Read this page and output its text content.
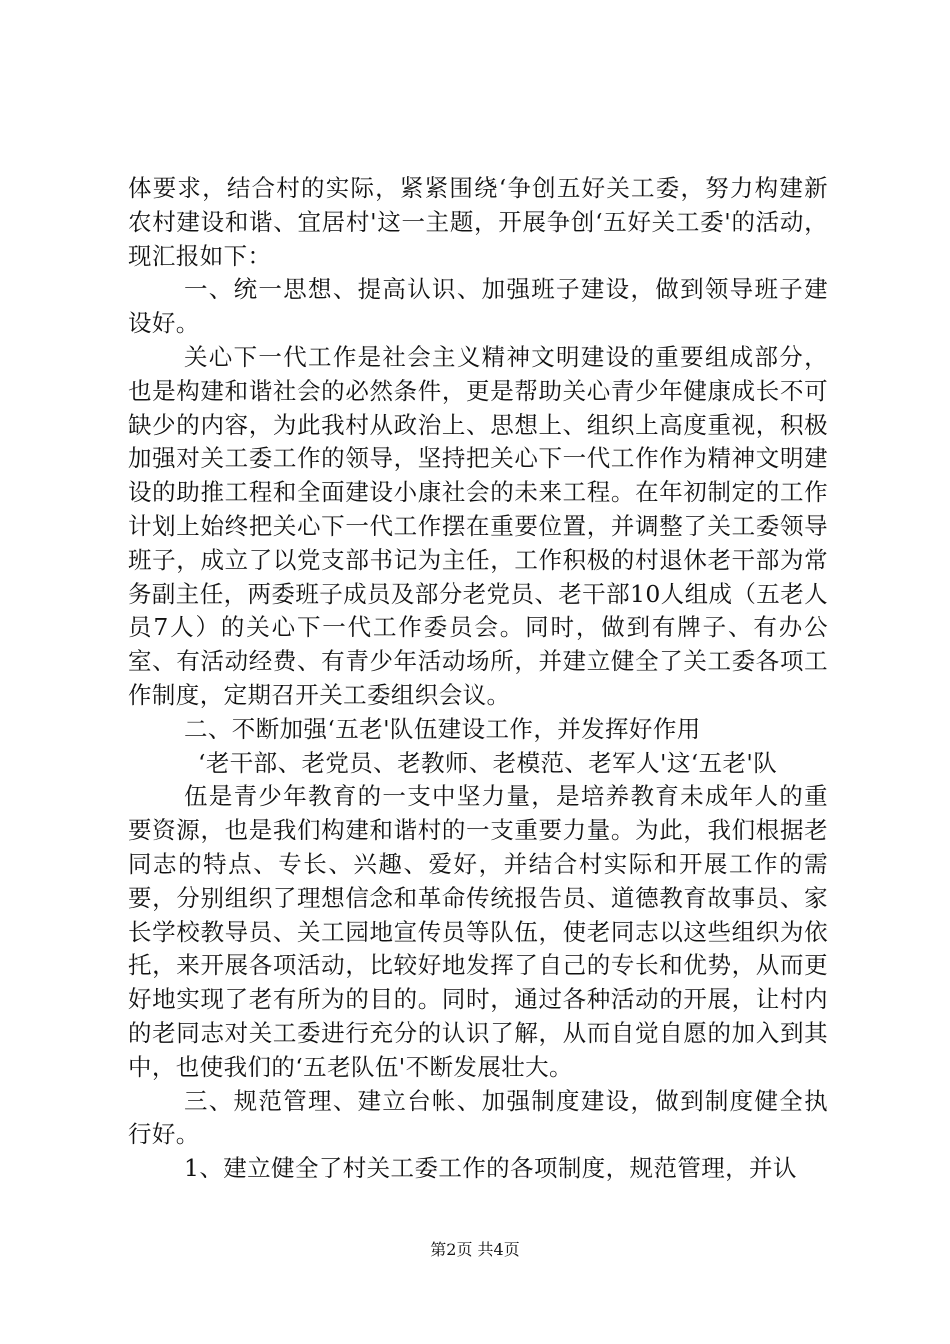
体要求，结合村的实际，紧紧围绕‘争创五好关工委，努力构建新农村建设和谐、宜居村'这一主题，开展争创‘五好关工委'的活动，现汇报如下：

一、统一思想、提高认识、加强班子建设，做到领导班子建设好。

关心下一代工作是社会主义精神文明建设的重要组成部分，也是构建和谐社会的必然条件，更是帮助关心青少年健康成长不可缺少的内容，为此我村从政治上、思想上、组织上高度重视，积极加强对关工委工作的领导，坚持把关心下一代工作作为精神文明建设的助推工程和全面建设小康社会的未来工程。在年初制定的工作计划上始终把关心下一代工作摆在重要位置，并调整了关工委领导班子，成立了以党支部书记为主任，工作积极的村退休老干部为常务副主任，两委班子成员及部分老党员、老干部10人组成（五老人员7人）的关心下一代工作委员会。同时，做到有牌子、有办公室、有活动经费、有青少年活动场所，并建立健全了关工委各项工作制度，定期召开关工委组织会议。

二、不断加强‘五老'队伍建设工作，并发挥好作用

‘老干部、老党员、老教师、老模范、老军人'这‘五老'队

伍是青少年教育的一支中坚力量，是培养教育未成年人的重要资源，也是我们构建和谐村的一支重要力量。为此，我们根据老同志的特点、专长、兴趣、爱好，并结合村实际和开展工作的需要，分别组织了理想信念和革命传统报告员、道德教育故事员、家长学校教导员、关工园地宣传员等队伍，使老同志以这些组织为依托，来开展各项活动，比较好地发挥了自己的专长和优势，从而更好地实现了老有所为的目的。同时，通过各种活动的开展，让村内的老同志对关工委进行充分的认识了解，从而自觉自愿的加入到其中，也使我们的‘五老队伍'不断发展壮大。

三、规范管理、建立台帐、加强制度建设，做到制度健全执行好。

1、建立健全了村关工委工作的各项制度，规范管理，并认

第2页 共4页
